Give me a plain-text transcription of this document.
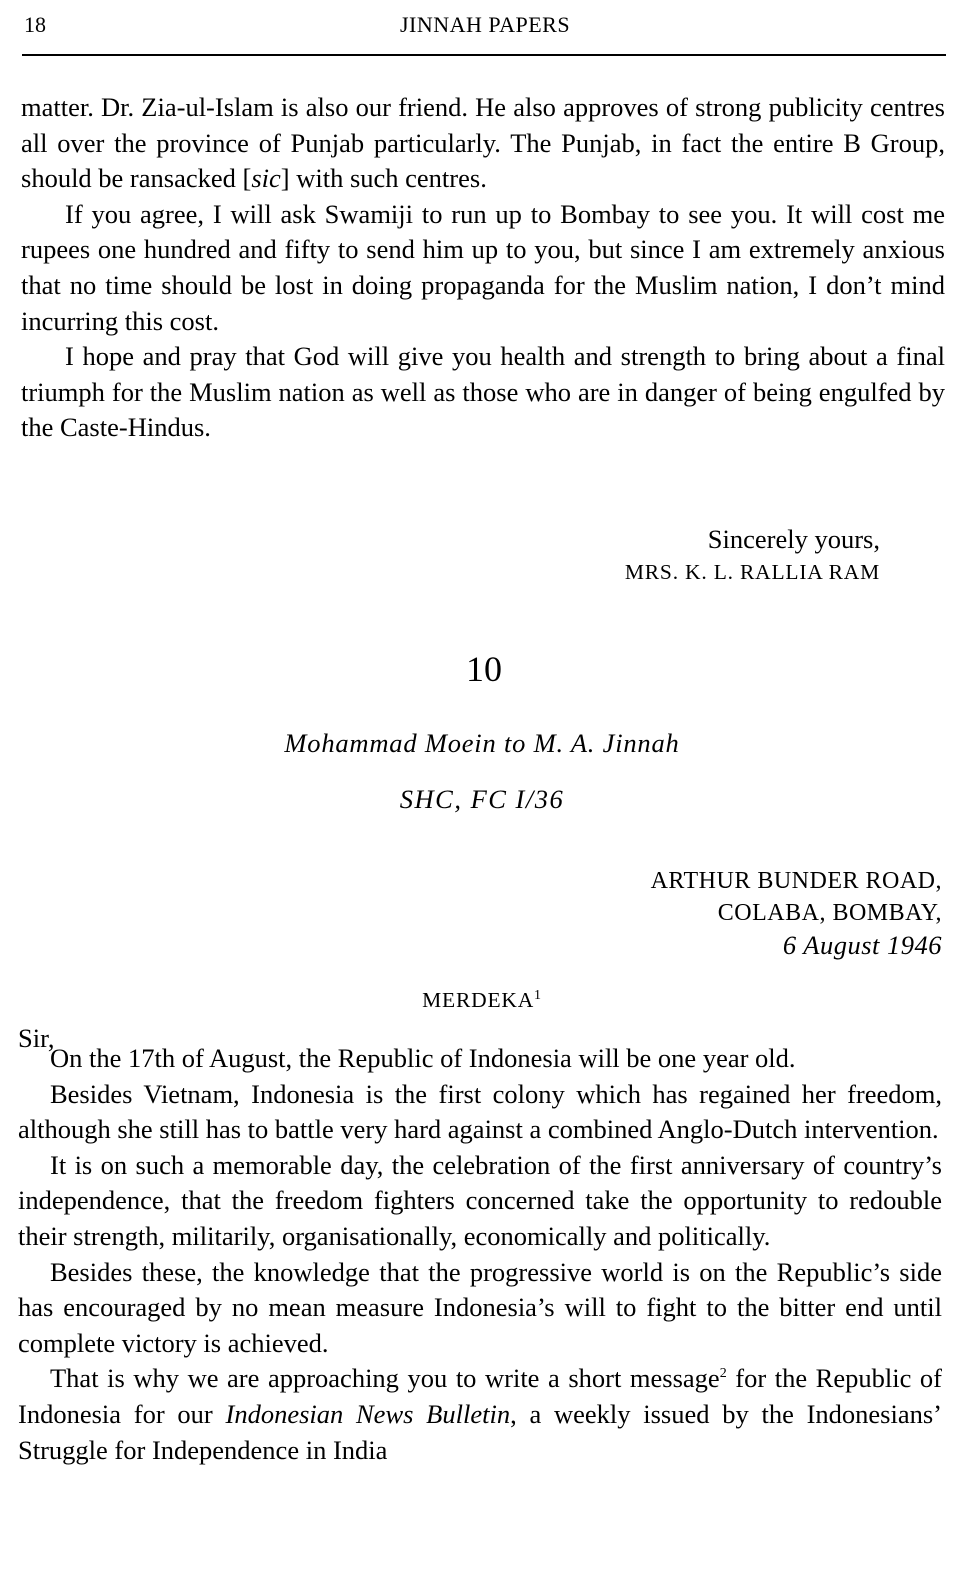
18	JINNAH PAPERS

matter. Dr. Zia-ul-Islam is also our friend. He also approves of strong publicity centres all over the province of Punjab particularly. The Punjab, in fact the entire B Group, should be ransacked [sic] with such centres.

If you agree, I will ask Swamiji to run up to Bombay to see you. It will cost me rupees one hundred and fifty to send him up to you, but since I am extremely anxious that no time should be lost in doing propaganda for the Muslim nation, I don’t mind incurring this cost.

I hope and pray that God will give you health and strength to bring about a final triumph for the Muslim nation as well as those who are in danger of being engulfed by the Caste-Hindus.

Sincerely yours,
MRS. K. L. RALLIA RAM
10
Mohammad Moein to M. A. Jinnah
SHC, FC I/36
ARTHUR BUNDER ROAD,
COLABA, BOMBAY,
6 August 1946
MERDEKA$^1$
Sir,

On the 17th of August, the Republic of Indonesia will be one year old.

Besides Vietnam, Indonesia is the first colony which has regained her freedom, although she still has to battle very hard against a combined Anglo-Dutch intervention.

It is on such a memorable day, the celebration of the first anniversary of country’s independence, that the freedom fighters concerned take the opportunity to redouble their strength, militarily, organisationally, economically and politically.

Besides these, the knowledge that the progressive world is on the Republic’s side has encouraged by no mean measure Indonesia’s will to fight to the bitter end until complete victory is achieved.

That is why we are approaching you to write a short message$^2$ for the Republic of Indonesia for our Indonesian News Bulletin, a weekly issued by the Indonesians’ Struggle for Independence in India
